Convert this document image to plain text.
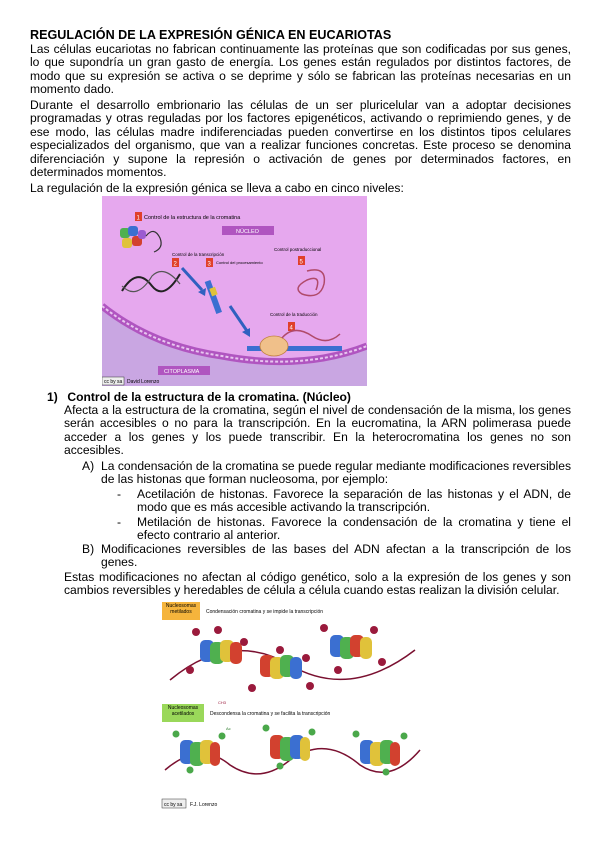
REGULACIÓN DE LA EXPRESIÓN GÉNICA EN EUCARIOTAS

Las células eucariotas no fabrican continuamente las proteínas que son codificadas por sus genes, lo que supondría un gran gasto de energía. Los genes están regulados por distintos factores, de modo que su expresión se activa o se deprime y sólo se fabrican las proteínas necesarias en un momento dado.

Durante el desarrollo embrionario las células de un ser pluricelular van a adoptar decisiones programadas y otras reguladas por los factores epigenéticos, activando o reprimiendo genes, y de ese modo, las células madre indiferenciadas pueden convertirse en los distintos tipos celulares especializados del organismo, que van a realizar funciones concretas. Este proceso se denomina diferenciación y supone la represión o activación de genes por determinados factores, en determinados momentos.

La regulación de la expresión génica se lleva a cabo en cinco niveles:

1 Control de la estructura de la cromatina
NÚCLEO
Control de la transcripción
2	3 Control del procesamiento
Control postraduccional
5
Control de la traducción
4
CITOPLASMA
cc by sa David Lorenzo
1) Control de la estructura de la cromatina. (Núcleo)

Afecta a la estructura de la cromatina, según el nivel de condensación de la misma, los genes serán accesibles o no para la transcripción. En la eucromatina, la ARN polimerasa puede acceder a los genes y los puede transcribir. En la heterocromatina los genes no son accesibles.

A) La condensación de la cromatina se puede regular mediante modificaciones reversibles de las histonas que forman nucleosoma, por ejemplo:
- Acetilación de histonas. Favorece la separación de las histonas y el ADN, de modo que es más accesible activando la transcripción.
- Metilación de histonas. Favorece la condensación de la cromatina y tiene el efecto contrario al anterior.
B) Modificaciones reversibles de las bases del ADN afectan a la transcripción de los genes.

Estas modificaciones no afectan al código genético, solo a la expresión de los genes y son cambios reversibles y heredables de célula a célula cuando estas realizan la división celular.

Nucleosomas metilados	Condensación cromatina y se impide la transcripción
CH3
Nucleosomas acetilados	Descondensa la cromatina y se facilita la transcripción
Ac
cc by sa F.J. Lorenzo
